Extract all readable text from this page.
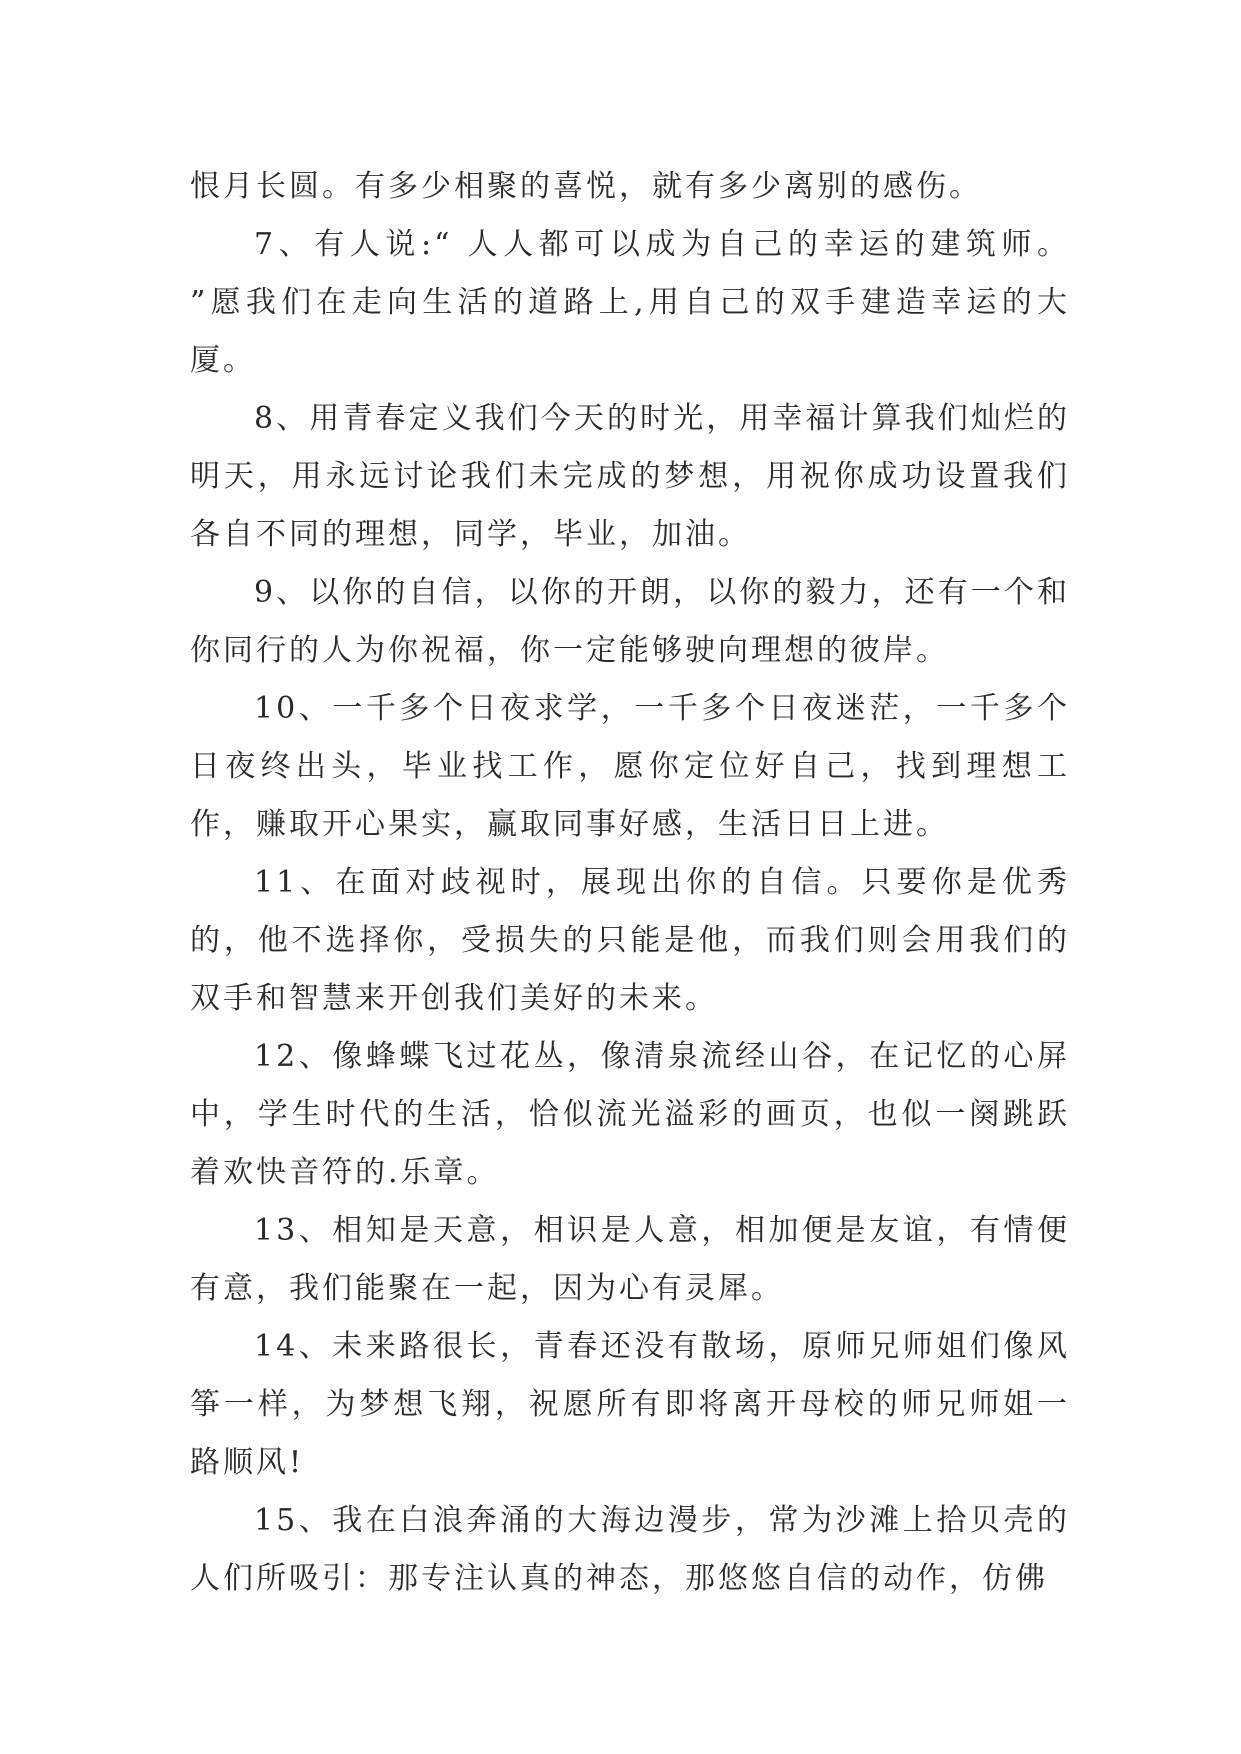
恨月长圆。有多少相聚的喜悦，就有多少离别的感伤。

7、有人说:“ 人人都可以成为自己的幸运的建筑师。 ”愿我们在走向生活的道路上,用自己的双手建造幸运的大厦。

8、用青春定义我们今天的时光，用幸福计算我们灿烂的明天，用永远讨论我们未完成的梦想，用祝你成功设置我们各自不同的理想，同学，毕业，加油。

9、以你的自信，以你的开朗，以你的毅力，还有一个和你同行的人为你祝福，你一定能够驶向理想的彼岸。

10、一千多个日夜求学，一千多个日夜迷茫，一千多个日夜终出头，毕业找工作，愿你定位好自己，找到理想工作，赚取开心果实，赢取同事好感，生活日日上进。

11、在面对歧视时，展现出你的自信。只要你是优秀的，他不选择你，受损失的只能是他，而我们则会用我们的双手和智慧来开创我们美好的未来。

12、像蜂蝶飞过花丛，像清泉流经山谷，在记忆的心屏中，学生时代的生活，恰似流光溢彩的画页，也似一阕跳跃着欢快音符的.乐章。

13、相知是天意，相识是人意，相加便是友谊，有情便有意，我们能聚在一起，因为心有灵犀。

14、未来路很长，青春还没有散场，原师兄师姐们像风筝一样，为梦想飞翔，祝愿所有即将离开母校的师兄师姐一路顺风!

15、我在白浪奔涌的大海边漫步，常为沙滩上拾贝壳的人们所吸引：那专注认真的神态，那悠悠自信的动作，仿佛
